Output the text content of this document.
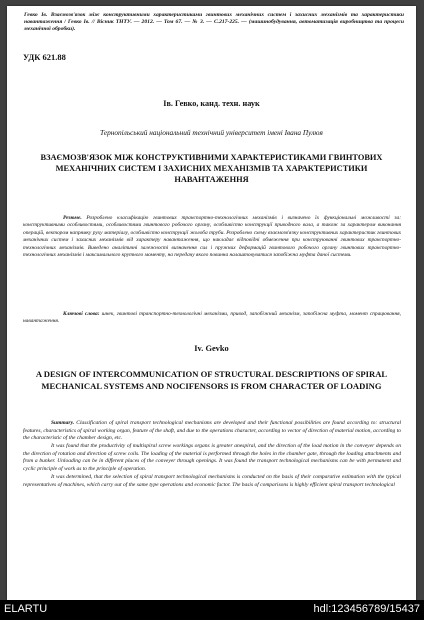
Гевко Ів. Взаємозв'язок між конструктивними характеристиками гвинтових механічних систем і захисних механізмів та характеристики навантаження / Гевко Ів. // Вісник ТНТУ. — 2012. — Том 67. — № 3. — С.217-225. — (машинобудування, автоматизація виробництва та процеси механічної обробки).

УДК 621.88
Ів. Гевко, канд. техн. наук
Тернопільський національний технічний університет імені Івана Пулюя
ВЗАЄМОЗВ'ЯЗОК МІЖ КОНСТРУКТИВНИМИ ХАРАКТЕРИСТИКАМИ ГВИНТОВИХ МЕХАНІЧНИХ СИСТЕМ І ЗАХИСНИХ МЕХАНІЗМІВ ТА ХАРАКТЕРИСТИКИ НАВАНТАЖЕННЯ

Резюме. Розроблено класифікацію гвинтових транспортно-технологічних механізмів і визначено їх функціональні можливості за: конструктивними особливостями, особливостями гвинтового робочого органу, особливістю конструкції приводного вала, а також за характером виконання операцій, вектором напрямку руху матеріалу, особливістю конструкції жолоба труби. Розроблено схему взаємозв'язку конструктивних характеристик гвинтових механічних систем і захисних механізмів від характеру навантаження, що накладає відповідні обмеження при конструюванні гвинтових транспортно-технологічних механізмів. Виведено аналітичні залежності визначення сил і пружних деформацій гвинтового робочого органу гвинтових транспортно-технологічних механізмів і максимального крутного моменту, на передачу якого повинна налаштовуватися запобіжна муфта даної системи.

Ключові слова: шнек, гвинтові транспортно-технологічні механізми, привод, запобіжний механізм, запобіжна муфта, момент спрацювання, навантаження.

Iv. Gevko
A DESIGN OF INTERCOMMUNICATION OF STRUCTURAL DESCRIPTIONS OF SPIRAL MECHANICAL SYSTEMS AND NOCIFENSORS IS FROM CHARACTER OF LOADING

Summary. Classification of spiral transport technological mechanisms are developed and their functional possibilities are found according to: structural features, characteristics of spiral working organ, feature of the shaft, and due to the operations character, according to vector of direction of material motion, according to the characteristic of the chamber design, etc.

It was found that the productivity of multispiral screw workings organs is greater anespiral, and the direction of the load motion in the conveyer depends on the direction of rotation and direction of screw coils. The loading of the material is performed through the holes in the chamber gate, through the loading attachments and from a bunker. Unloading can be in different places of the conveyer through openings. It was found the transport technological mechanisms can be with permanent and cyclic principle of work as to the principle of operation.

It was determined, that the selection of spiral transport technological mechanisms is conducted on the basis of their comparative estimation with the typical representatives of machines, which carry out of the same type operations and economic factor. The basis of comparisons is highly efficient spiral transport technological

ELARTU	hdl:123456789/15437
